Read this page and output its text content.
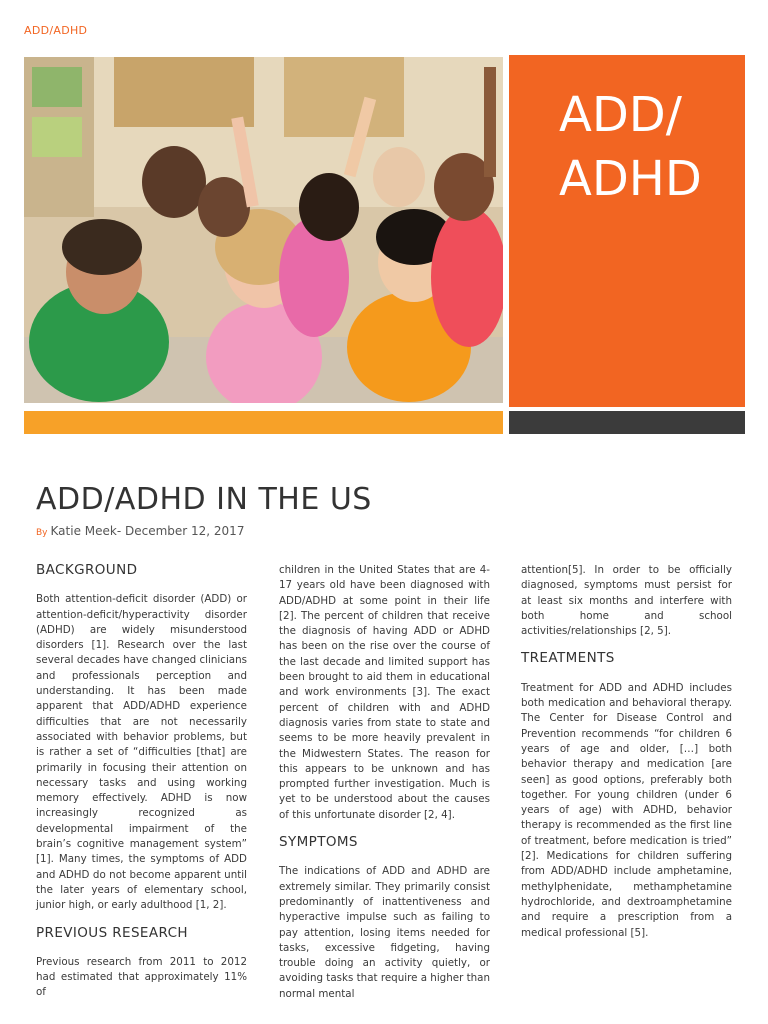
ADD/ADHD
ADD/
ADHD
ADD/ADHD IN THE US
By Katie Meek- December 12, 2017
BACKGROUND

Both attention-deficit disorder (ADD) or attention-deficit/hyperactivity disorder (ADHD) are widely misunderstood disorders [1]. Research over the last several decades have changed clinicians and professionals perception and understanding. It has been made apparent that ADD/ADHD experience difficulties that are not necessarily associated with behavior problems, but is rather a set of “difficulties [that] are primarily in focusing their attention on necessary tasks and using working memory effectively. ADHD is now increasingly recognized as developmental impairment of the brain’s cognitive management system” [1]. Many times, the symptoms of ADD and ADHD do not become apparent until the later years of elementary school, junior high, or early adulthood [1, 2].

PREVIOUS RESEARCH

Previous research from 2011 to 2012 had estimated that approximately 11% of

children in the United States that are 4-17 years old have been diagnosed with ADD/ADHD at some point in their life [2]. The percent of children that receive the diagnosis of having ADD or ADHD has been on the rise over the course of the last decade and limited support has been brought to aid them in educational and work environments [3]. The exact percent of children with and ADHD diagnosis varies from state to state and seems to be more heavily prevalent in the Midwestern States. The reason for this appears to be unknown and has prompted further investigation. Much is yet to be understood about the causes of this unfortunate disorder [2, 4].

SYMPTOMS

The indications of ADD and ADHD are extremely similar. They primarily consist predominantly of inattentiveness and hyperactive impulse such as failing to pay attention, losing items needed for tasks, excessive fidgeting, having trouble doing an activity quietly, or avoiding tasks that require a higher than normal mental

attention[5]. In order to be officially diagnosed, symptoms must persist for at least six months and interfere with both home and school activities/relationships [2, 5].

TREATMENTS

Treatment for ADD and ADHD includes both medication and behavioral therapy. The Center for Disease Control and Prevention recommends “for children 6 years of age and older, […] both behavior therapy and medication [are seen] as good options, preferably both together. For young children (under 6 years of age) with ADHD, behavior therapy is recommended as the first line of treatment, before medication is tried” [2]. Medications for children suffering from ADD/ADHD include amphetamine, methylphenidate, methamphetamine hydrochloride, and dextroamphetamine and require a prescription from a medical professional [5].
